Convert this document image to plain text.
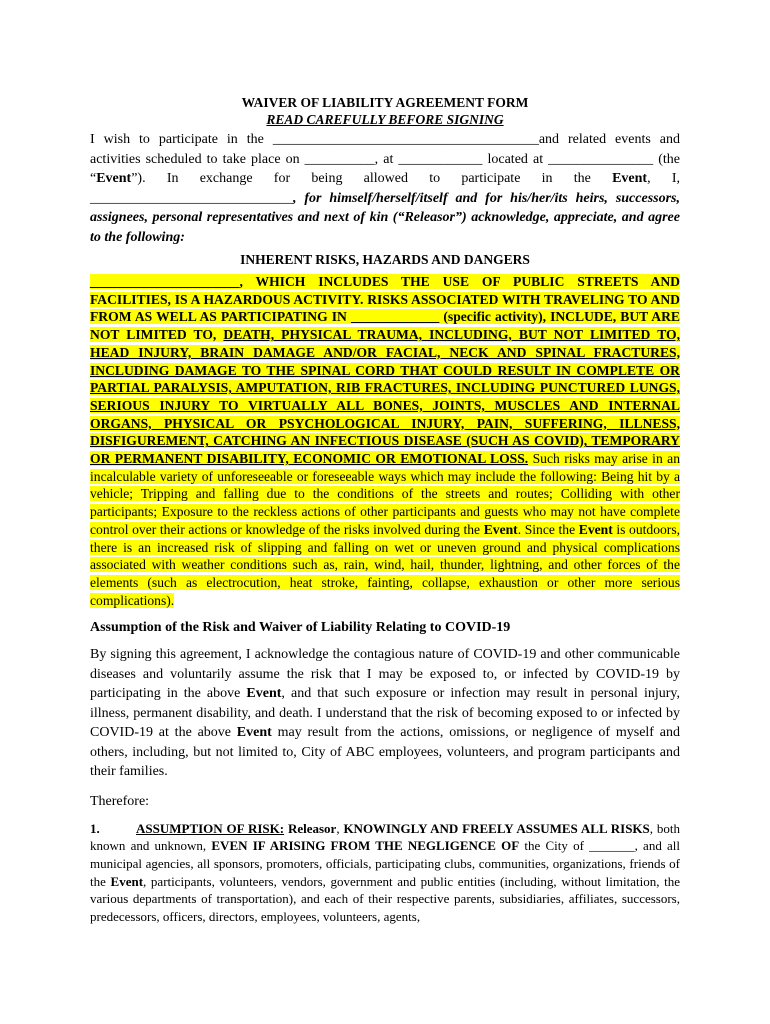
WAIVER OF LIABILITY AGREEMENT FORM

READ CAREFULLY BEFORE SIGNING

I wish to participate in the ______________________________________and related events and activities scheduled to take place on __________, at ____________ located at _______________ (the “Event”). In exchange for being allowed to participate in the Event, I, _____________________________, for himself/herself/itself and for his/her/its heirs, successors, assignees, personal representatives and next of kin (“Releasor”) acknowledge, appreciate, and agree to the following:

INHERENT RISKS, HAZARDS AND DANGERS

______________________, WHICH INCLUDES THE USE OF PUBLIC STREETS AND FACILITIES, IS A HAZARDOUS ACTIVITY. RISKS ASSOCIATED WITH TRAVELING TO AND FROM AS WELL AS PARTICIPATING IN _____________ (specific activity), INCLUDE, BUT ARE NOT LIMITED TO, DEATH, PHYSICAL TRAUMA, INCLUDING, BUT NOT LIMITED TO, HEAD INJURY, BRAIN DAMAGE AND/OR FACIAL, NECK AND SPINAL FRACTURES, INCLUDING DAMAGE TO THE SPINAL CORD THAT COULD RESULT IN COMPLETE OR PARTIAL PARALYSIS, AMPUTATION, RIB FRACTURES, INCLUDING PUNCTURED LUNGS, SERIOUS INJURY TO VIRTUALLY ALL BONES, JOINTS, MUSCLES AND INTERNAL ORGANS, PHYSICAL OR PSYCHOLOGICAL INJURY, PAIN, SUFFERING, ILLNESS, DISFIGUREMENT, CATCHING AN INFECTIOUS DISEASE (SUCH AS COVID), TEMPORARY OR PERMANENT DISABILITY, ECONOMIC OR EMOTIONAL LOSS. Such risks may arise in an incalculable variety of unforeseeable or foreseeable ways which may include the following: Being hit by a vehicle; Tripping and falling due to the conditions of the streets and routes; Colliding with other participants; Exposure to the reckless actions of other participants and guests who may not have complete control over their actions or knowledge of the risks involved during the Event. Since the Event is outdoors, there is an increased risk of slipping and falling on wet or uneven ground and physical complications associated with weather conditions such as, rain, wind, hail, thunder, lightning, and other forces of the elements (such as electrocution, heat stroke, fainting, collapse, exhaustion or other more serious complications).

Assumption of the Risk and Waiver of Liability Relating to COVID-19

By signing this agreement, I acknowledge the contagious nature of COVID-19 and other communicable diseases and voluntarily assume the risk that I may be exposed to, or infected by COVID-19 by participating in the above Event, and that such exposure or infection may result in personal injury, illness, permanent disability, and death. I understand that the risk of becoming exposed to or infected by COVID-19 at the above Event may result from the actions, omissions, or negligence of myself and others, including, but not limited to, City of ABC employees, volunteers, and program participants and their families.

Therefore:

1.	ASSUMPTION OF RISK: Releasor, KNOWINGLY AND FREELY ASSUMES ALL RISKS, both known and unknown, EVEN IF ARISING FROM THE NEGLIGENCE OF the City of _______, and all municipal agencies, all sponsors, promoters, officials, participating clubs, communities, organizations, friends of the Event, participants, volunteers, vendors, government and public entities (including, without limitation, the various departments of transportation), and each of their respective parents, subsidiaries, affiliates, successors, predecessors, officers, directors, employees, volunteers, agents,
